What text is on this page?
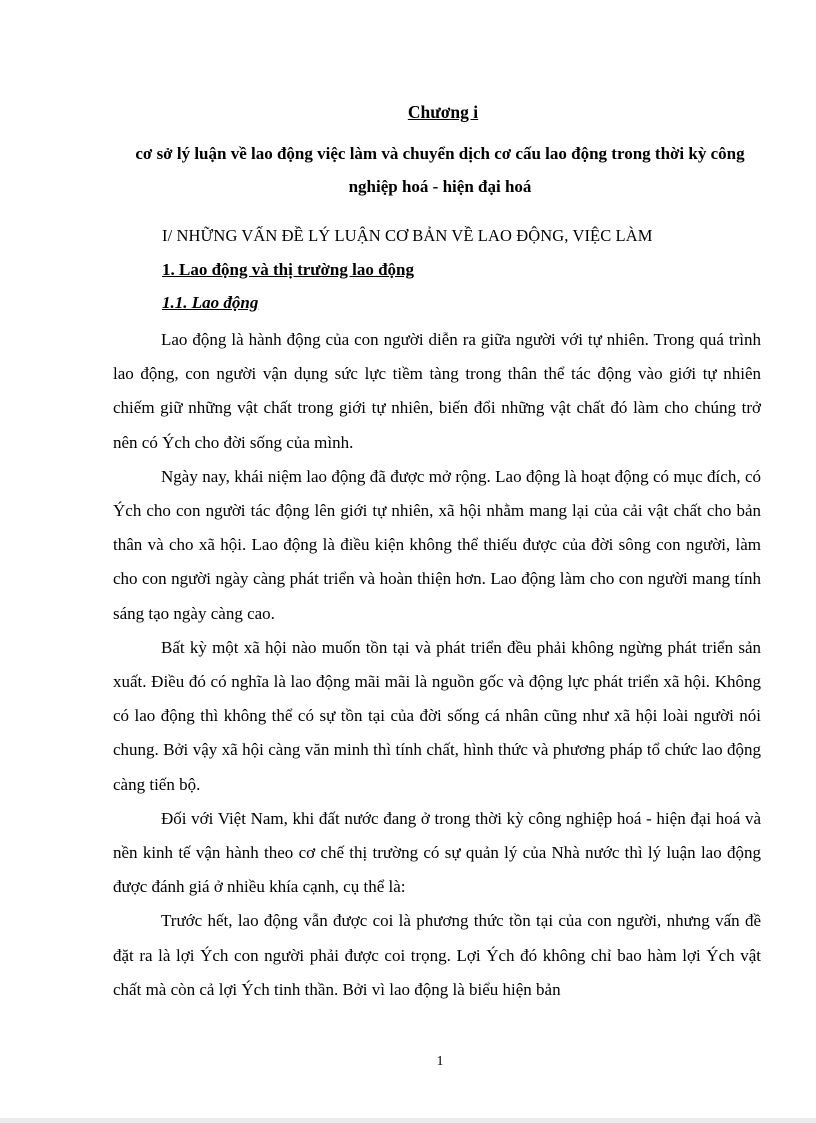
Chương i
cơ sở lý luận về lao động việc làm và chuyển dịch cơ cấu lao động trong thời kỳ công nghiệp hoá - hiện đại hoá
I/ NHỮNG VẤN ĐỀ LÝ LUẬN CƠ BẢN VỀ LAO ĐỘNG, VIỆC LÀM
1. Lao động và thị trường lao động
1.1. Lao động

Lao động là hành động của con người diễn ra giữa người với tự nhiên. Trong quá trình lao động, con người vận dụng sức lực tiềm tàng trong thân thể tác động vào giới tự nhiên chiếm giữ những vật chất trong giới tự nhiên, biến đổi những vật chất đó làm cho chúng trở nên có Ých cho đời sống của mình.

Ngày nay, khái niệm lao động đã được mở rộng. Lao động là hoạt động có mục đích, có Ých cho con người tác động lên giới tự nhiên, xã hội nhằm mang lại của cải vật chất cho bản thân và cho xã hội. Lao động là điều kiện không thể thiếu được của đời sông con người, làm cho con người ngày càng phát triển và hoàn thiện hơn. Lao động làm cho con người mang tính sáng tạo ngày càng cao.

Bất kỳ một xã hội nào muốn tồn tại và phát triển đều phải không ngừng phát triển sản xuất. Điều đó có nghĩa là lao động mãi mãi là nguồn gốc và động lực phát triển xã hội. Không có lao động thì không thể có sự tồn tại của đời sống cá nhân cũng như xã hội loài người nói chung. Bởi vậy xã hội càng văn minh thì tính chất, hình thức và phương pháp tổ chức lao động càng tiến bộ.

Đối với Việt Nam, khi đất nước đang ở trong thời kỳ công nghiệp hoá - hiện đại hoá và nền kinh tế vận hành theo cơ chế thị trường có sự quản lý của Nhà nước thì lý luận lao động được đánh giá ở nhiều khía cạnh, cụ thể là:

Trước hết, lao động vẫn được coi là phương thức tồn tại của con người, nhưng vấn đề đặt ra là lợi Ých con người phải được coi trọng. Lợi Ých đó không chỉ bao hàm lợi Ých vật chất mà còn cả lợi Ých tinh thần. Bởi vì lao động là biểu hiện bản

1
